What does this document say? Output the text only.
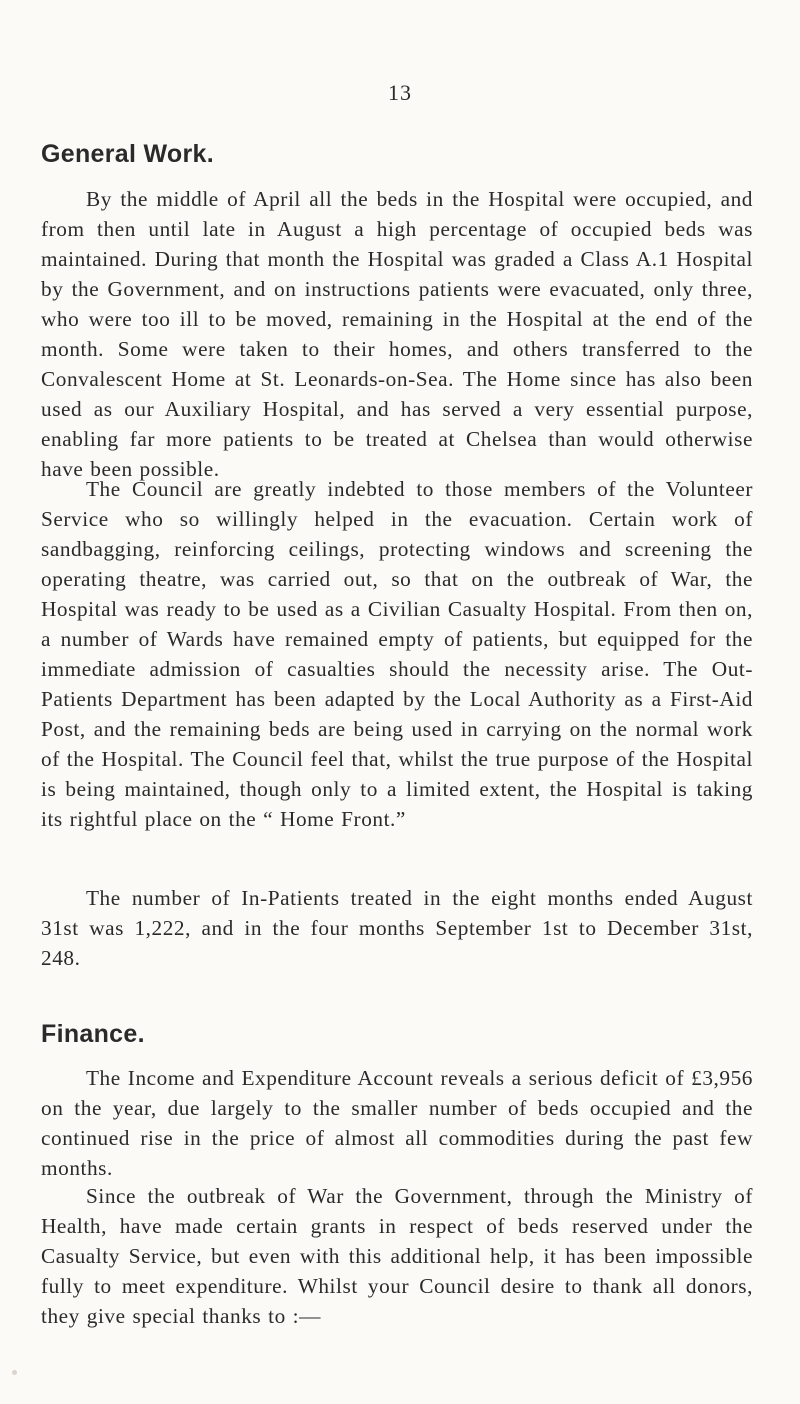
13
General Work.

By the middle of April all the beds in the Hospital were occupied, and from then until late in August a high percentage of occupied beds was maintained. During that month the Hospital was graded a Class A.1 Hospital by the Government, and on instructions patients were evacuated, only three, who were too ill to be moved, remaining in the Hospital at the end of the month. Some were taken to their homes, and others transferred to the Convalescent Home at St. Leonards-on-Sea. The Home since has also been used as our Auxiliary Hospital, and has served a very essential purpose, enabling far more patients to be treated at Chelsea than would otherwise have been possible.

The Council are greatly indebted to those members of the Volunteer Service who so willingly helped in the evacuation. Certain work of sandbagging, reinforcing ceilings, protecting windows and screening the operating theatre, was carried out, so that on the outbreak of War, the Hospital was ready to be used as a Civilian Casualty Hospital. From then on, a number of Wards have remained empty of patients, but equipped for the immediate admission of casualties should the necessity arise. The Out-Patients Department has been adapted by the Local Authority as a First-Aid Post, and the remaining beds are being used in carrying on the normal work of the Hospital. The Council feel that, whilst the true purpose of the Hospital is being maintained, though only to a limited extent, the Hospital is taking its rightful place on the “ Home Front.”

The number of In-Patients treated in the eight months ended August 31st was 1,222, and in the four months September 1st to December 31st, 248.

Finance.

The Income and Expenditure Account reveals a serious deficit of £3,956 on the year, due largely to the smaller number of beds occupied and the continued rise in the price of almost all commodities during the past few months.

Since the outbreak of War the Government, through the Ministry of Health, have made certain grants in respect of beds reserved under the Casualty Service, but even with this additional help, it has been impossible fully to meet expenditure. Whilst your Council desire to thank all donors, they give special thanks to :—
